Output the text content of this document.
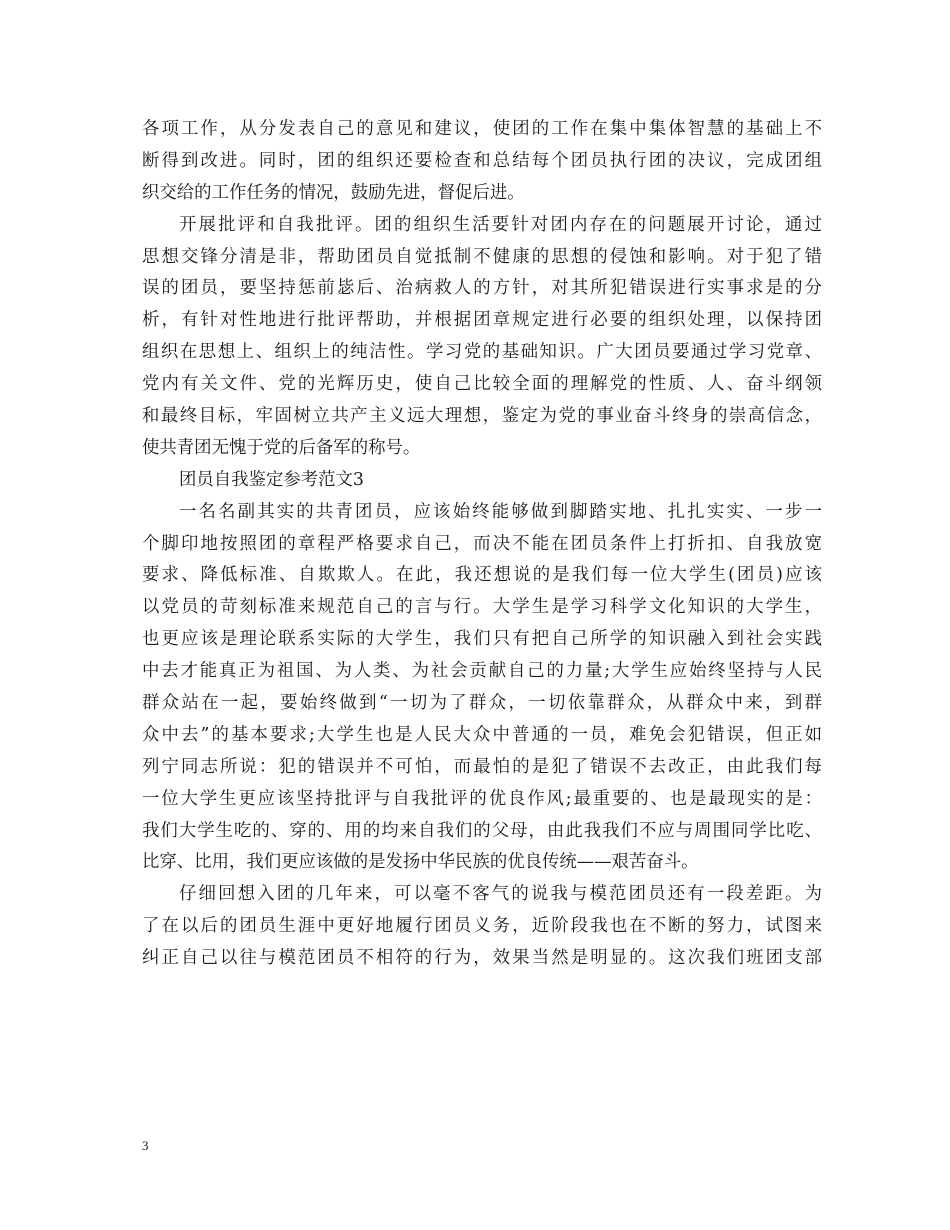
各项工作，从分发表自己的意见和建议，使团的工作在集中集体智慧的基础上不
断得到改进。同时，团的组织还要检查和总结每个团员执行团的决议，完成团组
织交给的工作任务的情况，鼓励先进，督促后进。
开展批评和自我批评。团的组织生活要针对团内存在的问题展开讨论，通过
思想交锋分清是非，帮助团员自觉抵制不健康的思想的侵蚀和影响。对于犯了错
误的团员，要坚持惩前毖后、治病救人的方针，对其所犯错误进行实事求是的分
析，有针对性地进行批评帮助，并根据团章规定进行必要的组织处理，以保持团
组织在思想上、组织上的纯洁性。学习党的基础知识。广大团员要通过学习党章、
党内有关文件、党的光辉历史，使自己比较全面的理解党的性质、人、奋斗纲领
和最终目标，牢固树立共产主义远大理想，鉴定为党的事业奋斗终身的崇高信念，
使共青团无愧于党的后备军的称号。
团员自我鉴定参考范文3
一名名副其实的共青团员，应该始终能够做到脚踏实地、扎扎实实、一步一
个脚印地按照团的章程严格要求自己，而决不能在团员条件上打折扣、自我放宽
要求、降低标准、自欺欺人。在此，我还想说的是我们每一位大学生(团员)应该
以党员的苛刻标准来规范自己的言与行。大学生是学习科学文化知识的大学生，
也更应该是理论联系实际的大学生，我们只有把自己所学的知识融入到社会实践
中去才能真正为祖国、为人类、为社会贡献自己的力量;大学生应始终坚持与人民
群众站在一起，要始终做到“一切为了群众，一切依靠群众，从群众中来，到群
众中去”的基本要求;大学生也是人民大众中普通的一员，难免会犯错误，但正如
列宁同志所说：犯的错误并不可怕，而最怕的是犯了错误不去改正，由此我们每
一位大学生更应该坚持批评与自我批评的优良作风;最重要的、也是最现实的是：
我们大学生吃的、穿的、用的均来自我们的父母，由此我我们不应与周围同学比吃、
比穿、比用，我们更应该做的是发扬中华民族的优良传统——艰苦奋斗。
仔细回想入团的几年来，可以毫不客气的说我与模范团员还有一段差距。为
了在以后的团员生涯中更好地履行团员义务，近阶段我也在不断的努力，试图来
纠正自己以往与模范团员不相符的行为，效果当然是明显的。这次我们班团支部
3
